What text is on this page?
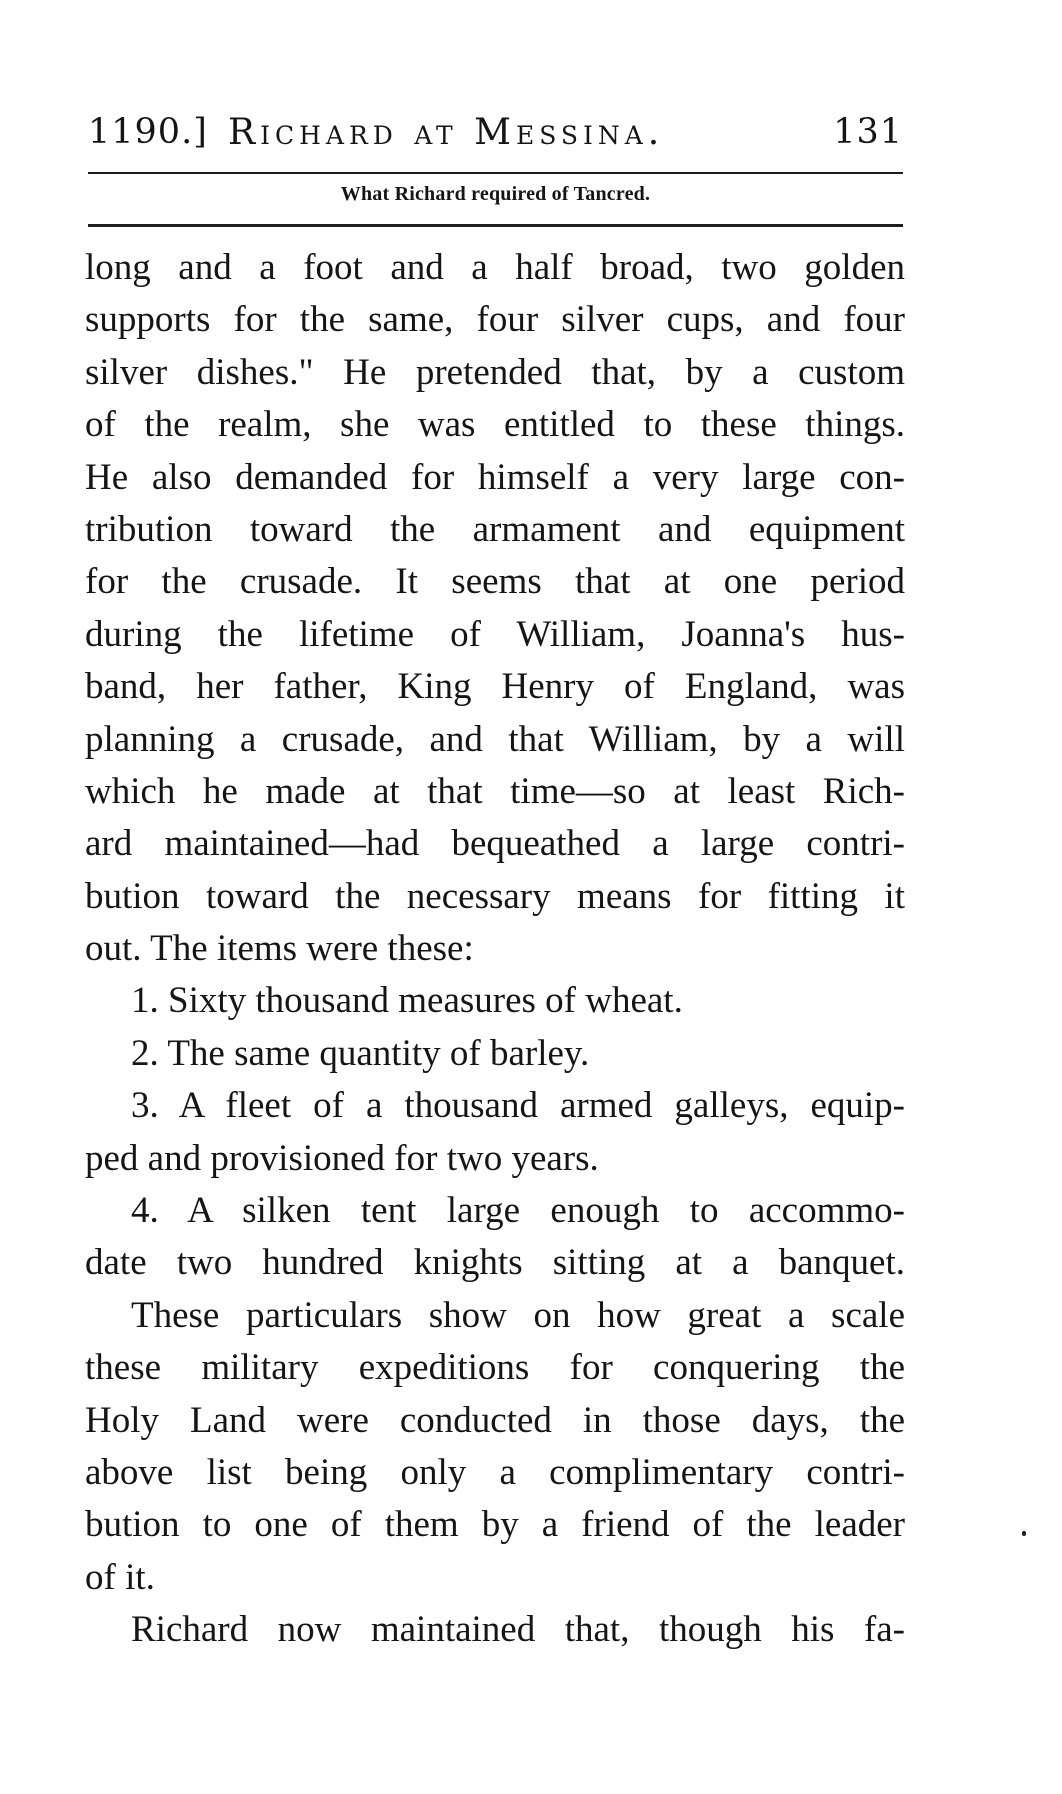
1190.] Richard at Messina.	131
What Richard required of Tancred.
long and a foot and a half broad, two golden
supports for the same, four silver cups, and four
silver dishes." He pretended that, by a custom
of the realm, she was entitled to these things.
He also demanded for himself a very large con-
tribution toward the armament and equipment
for the crusade. It seems that at one period
during the lifetime of William, Joanna's hus-
band, her father, King Henry of England, was
planning a crusade, and that William, by a will
which he made at that time—so at least Rich-
ard maintained—had bequeathed a large contri-
bution toward the necessary means for fitting it
out. The items were these:
1. Sixty thousand measures of wheat.
2. The same quantity of barley.
3. A fleet of a thousand armed galleys, equip-
ped and provisioned for two years.
4. A silken tent large enough to accommo-
date two hundred knights sitting at a banquet.
These particulars show on how great a scale
these military expeditions for conquering the
Holy Land were conducted in those days, the
above list being only a complimentary contri-
bution to one of them by a friend of the leader
of it.
Richard now maintained that, though his fa-
